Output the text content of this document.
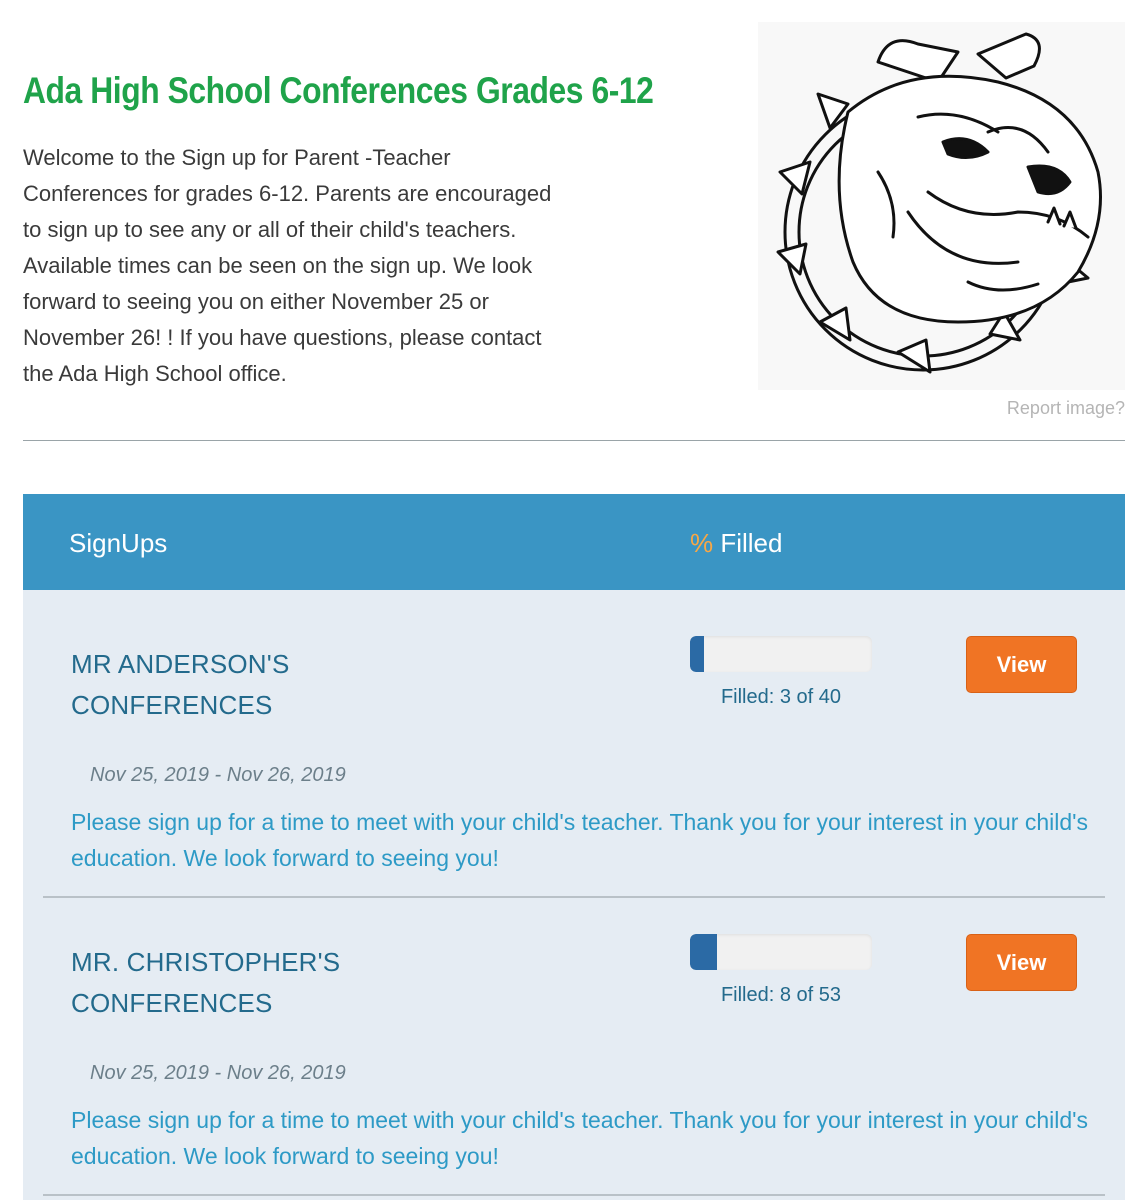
Ada High School Conferences Grades 6-12

Welcome to the Sign up for Parent -Teacher
Conferences for grades 6-12. Parents are encouraged
to sign up to see any or all of their child's teachers.
Available times can be seen on the sign up. We look
forward to seeing you on either November 25 or
November 26! ! If you have questions, please contact
the Ada High School office.

Report image?
SignUps	% Filled
MR ANDERSON'S CONFERENCES	Filled: 3 of 40
View
Nov 25, 2019 - Nov 26, 2019
Please sign up for a time to meet with your child's teacher. Thank you for your interest in your child's education. We look forward to seeing you!
MR. CHRISTOPHER'S CONFERENCES	Filled: 8 of 53
View
Nov 25, 2019 - Nov 26, 2019
Please sign up for a time to meet with your child's teacher. Thank you for your interest in your child's education. We look forward to seeing you!
